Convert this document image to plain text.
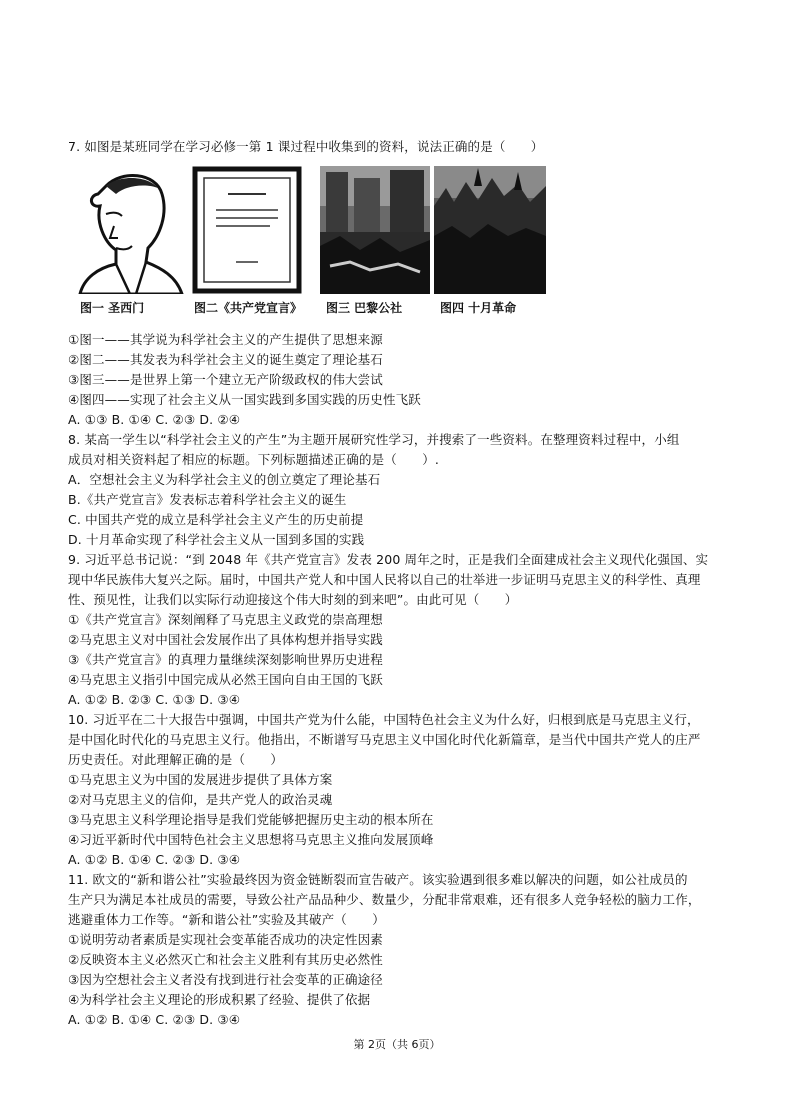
7. 如图是某班同学在学习必修一第 1 课过程中收集到的资料，说法正确的是（　　）
图一 圣西门	图二《共产党宣言》 图三 巴黎公社	图四 十月革命
①图一——其学说为科学社会主义的产生提供了思想来源
②图二——其发表为科学社会主义的诞生奠定了理论基石
③图三——是世界上第一个建立无产阶级政权的伟大尝试
④图四——实现了社会主义从一国实践到多国实践的历史性飞跃
A. ①③ B. ①④ C. ②③ D. ②④
8. 某高一学生以“科学社会主义的产生”为主题开展研究性学习，并搜索了一些资料。在整理资料过程中，小组
成员对相关资料起了相应的标题。下列标题描述正确的是（　　）.
A．空想社会主义为科学社会主义的创立奠定了理论基石
B.《共产党宣言》发表标志着科学社会主义的诞生
C. 中国共产党的成立是科学社会主义产生的历史前提
D. 十月革命实现了科学社会主义从一国到多国的实践
9. 习近平总书记说：“到 2048 年《共产党宣言》发表 200 周年之时，正是我们全面建成社会主义现代化强国、实
现中华民族伟大复兴之际。届时，中国共产党人和中国人民将以自己的壮举进一步证明马克思主义的科学性、真理
性、预见性，让我们以实际行动迎接这个伟大时刻的到来吧”。由此可见（　　）
①《共产党宣言》深刻阐释了马克思主义政党的崇高理想
②马克思主义对中国社会发展作出了具体构想并指导实践
③《共产党宣言》的真理力量继续深刻影响世界历史进程
④马克思主义指引中国完成从必然王国向自由王国的飞跃
A. ①② B. ②③ C. ①③ D. ③④
10. 习近平在二十大报告中强调，中国共产党为什么能，中国特色社会主义为什么好，归根到底是马克思主义行，
是中国化时代化的马克思主义行。他指出，不断谱写马克思主义中国化时代化新篇章，是当代中国共产党人的庄严
历史责任。对此理解正确的是（　　）
①马克思主义为中国的发展进步提供了具体方案
②对马克思主义的信仰，是共产党人的政治灵魂
③马克思主义科学理论指导是我们党能够把握历史主动的根本所在
④习近平新时代中国特色社会主义思想将马克思主义推向发展顶峰
A. ①② B. ①④ C. ②③ D. ③④
11. 欧文的“新和谐公社”实验最终因为资金链断裂而宣告破产。该实验遇到很多难以解决的问题，如公社成员的
生产只为满足本社成员的需要，导致公社产品品种少、数量少，分配非常艰难，还有很多人竞争轻松的脑力工作，
逃避重体力工作等。“新和谐公社”实验及其破产（　　）
①说明劳动者素质是实现社会变革能否成功的决定性因素
②反映资本主义必然灭亡和社会主义胜利有其历史必然性
③因为空想社会主义者没有找到进行社会变革的正确途径
④为科学社会主义理论的形成积累了经验、提供了依据
A. ①② B. ①④ C. ②③ D. ③④
第 2页（共 6页）
